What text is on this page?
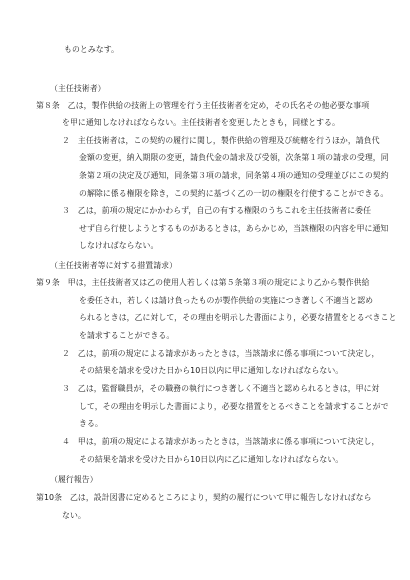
ものとみなす。
（主任技術者）
第８条　乙は，製作供給の技術上の管理を行う主任技術者を定め，その氏名その他必要な事項
を甲に通知しなければならない。主任技術者を変更したときも，同様とする。
２　主任技術者は，この契約の履行に関し，製作供給の管理及び統轄を行うほか，請負代
金額の変更，納入期限の変更，請負代金の請求及び受領，次条第１項の請求の受理，同
条第２項の決定及び通知，同条第３項の請求，同条第４項の通知の受理並びにこの契約
の解除に係る権限を除き，この契約に基づく乙の一切の権限を行使することができる。
３　乙は，前項の規定にかかわらず，自己の有する権限のうちこれを主任技術者に委任
せず自ら行使しようとするものがあるときは，あらかじめ，当該権限の内容を甲に通知
しなければならない。
（主任技術者等に対する措置請求）
第９条　甲は，主任技術者又は乙の使用人若しくは第５条第３項の規定により乙から製作供給
を委任され，若しくは請け負ったものが製作供給の実施につき著しく不適当と認め
られるときは，乙に対して，その理由を明示した書面により，必要な措置をとるべきこと
を請求することができる。
２　乙は，前項の規定による請求があったときは，当該請求に係る事項について決定し，
その結果を請求を受けた日から10日以内に甲に通知しなければならない。
３　乙は，監督職員が，その職務の執行につき著しく不適当と認められるときは，甲に対
して，その理由を明示した書面により，必要な措置をとるべきことを請求することがで
きる。
４　甲は，前項の規定による請求があったときは，当該請求に係る事項について決定し，
その結果を請求を受けた日から10日以内に乙に通知しなければならない。
（履行報告）
第10条　乙は，設計図書に定めるところにより，契約の履行について甲に報告しなければなら
ない。
